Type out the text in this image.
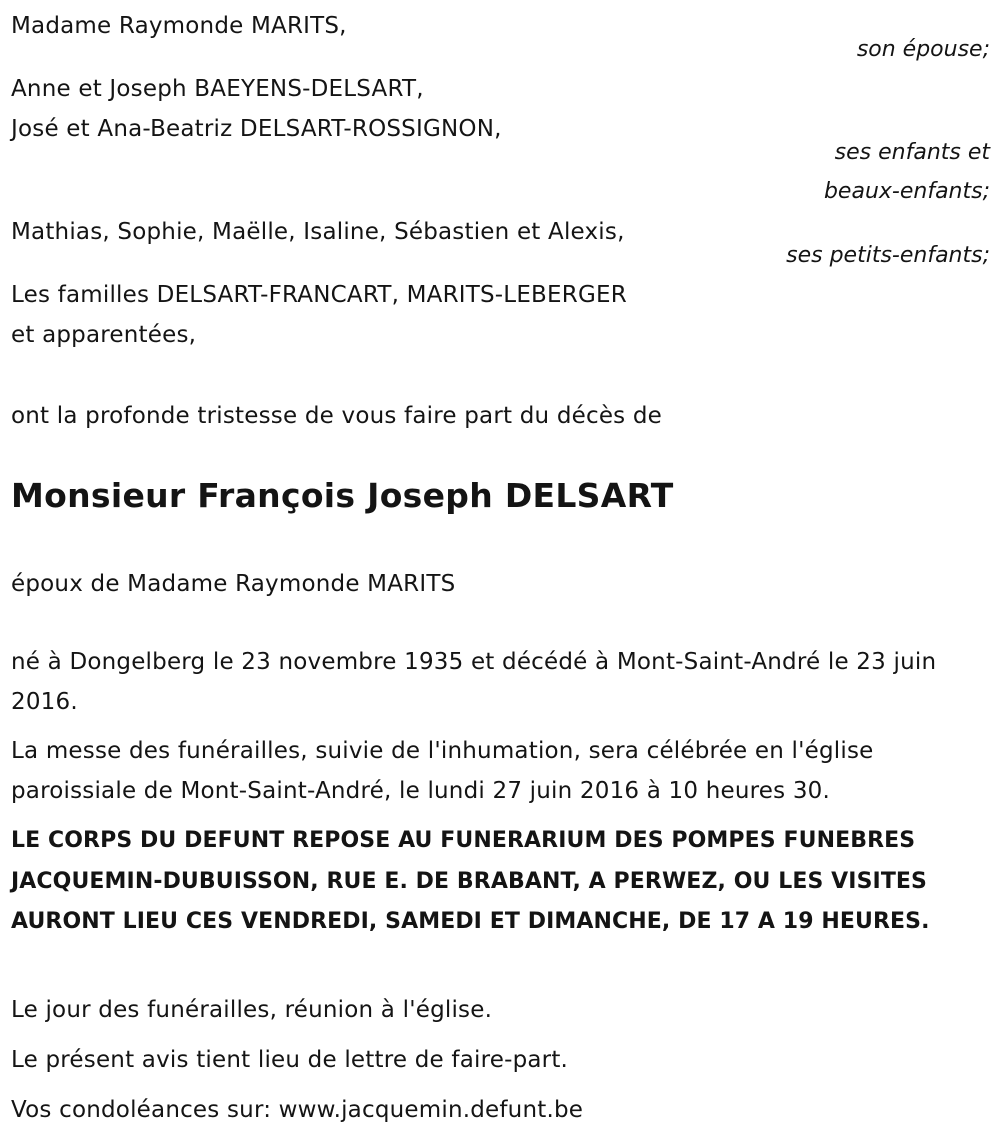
Madame Raymonde MARITS,
son épouse;
Anne et Joseph BAEYENS-DELSART,
José et Ana-Beatriz DELSART-ROSSIGNON,
ses enfants et
beaux-enfants;
Mathias, Sophie, Maëlle, Isaline, Sébastien et Alexis,
ses petits-enfants;
Les familles DELSART-FRANCART, MARITS-LEBERGER
et apparentées,
ont la profonde tristesse de vous faire part du décès de
Monsieur François Joseph DELSART
époux de Madame Raymonde MARITS
né à Dongelberg le 23 novembre 1935 et décédé à Mont-Saint-André le 23 juin 2016.
La messe des funérailles, suivie de l'inhumation, sera célébrée en l'église paroissiale de Mont-Saint-André, le lundi 27 juin 2016 à 10 heures 30.
LE CORPS DU DEFUNT REPOSE AU FUNERARIUM DES POMPES FUNEBRES JACQUEMIN-DUBUISSON, RUE E. DE BRABANT, A PERWEZ, OU LES VISITES AURONT LIEU CES VENDREDI, SAMEDI ET DIMANCHE, DE 17 A 19 HEURES.
Le jour des funérailles, réunion à l'église.
Le présent avis tient lieu de lettre de faire-part.
Vos condoléances sur: www.jacquemin.defunt.be
